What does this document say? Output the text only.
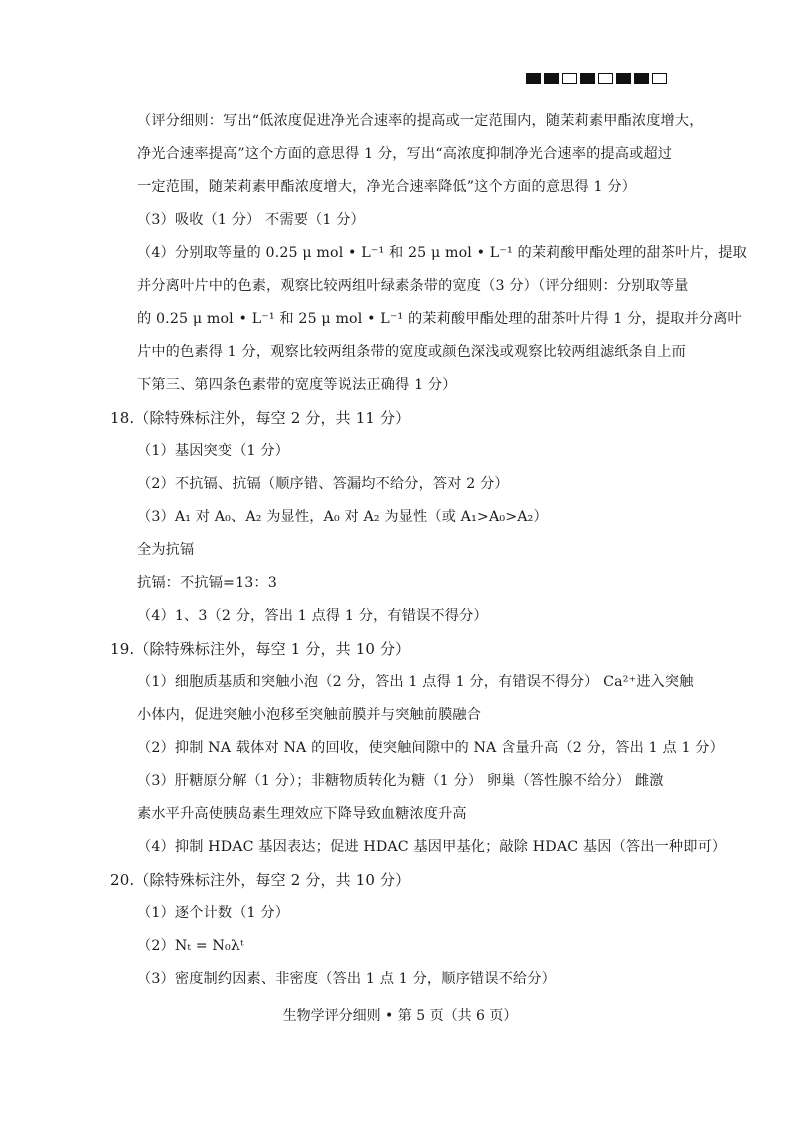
（评分细则：写出“低浓度促进净光合速率的提高或一定范围内，随茉莉素甲酯浓度增大，
净光合速率提高”这个方面的意思得 1 分，写出“高浓度抑制净光合速率的提高或超过
一定范围，随茉莉素甲酯浓度增大，净光合速率降低”这个方面的意思得 1 分）
（3）吸收（1 分） 不需要（1 分）
（4）分别取等量的 0.25 μ mol • L⁻¹ 和 25 μ mol • L⁻¹ 的茉莉酸甲酯处理的甜茶叶片，提取
并分离叶片中的色素，观察比较两组叶绿素条带的宽度（3 分）（评分细则：分别取等量
的 0.25 μ mol • L⁻¹ 和 25 μ mol • L⁻¹ 的茉莉酸甲酯处理的甜茶叶片得 1 分，提取并分离叶
片中的色素得 1 分，观察比较两组条带的宽度或颜色深浅或观察比较两组滤纸条自上而
下第三、第四条色素带的宽度等说法正确得 1 分）
18.（除特殊标注外，每空 2 分，共 11 分）
（1）基因突变（1 分）
（2）不抗镉、抗镉（顺序错、答漏均不给分，答对 2 分）
（3）A₁ 对 A₀、A₂ 为显性，A₀ 对 A₂ 为显性（或 A₁>A₀>A₂）
全为抗镉
抗镉：不抗镉=13：3
（4）1、3（2 分，答出 1 点得 1 分，有错误不得分）
19.（除特殊标注外，每空 1 分，共 10 分）
（1）细胞质基质和突触小泡（2 分，答出 1 点得 1 分，有错误不得分） Ca²⁺进入突触
小体内，促进突触小泡移至突触前膜并与突触前膜融合
（2）抑制 NA 载体对 NA 的回收，使突触间隙中的 NA 含量升高（2 分，答出 1 点 1 分）
（3）肝糖原分解（1 分）；非糖物质转化为糖（1 分） 卵巢（答性腺不给分） 雌激
素水平升高使胰岛素生理效应下降导致血糖浓度升高
（4）抑制 HDAC 基因表达；促进 HDAC 基因甲基化；敲除 HDAC 基因（答出一种即可）
20.（除特殊标注外，每空 2 分，共 10 分）
（1）逐个计数（1 分）
（2）Nₜ = N₀λᵗ
（3）密度制约因素、非密度（答出 1 点 1 分，顺序错误不给分）
生物学评分细则 • 第 5 页（共 6 页）
